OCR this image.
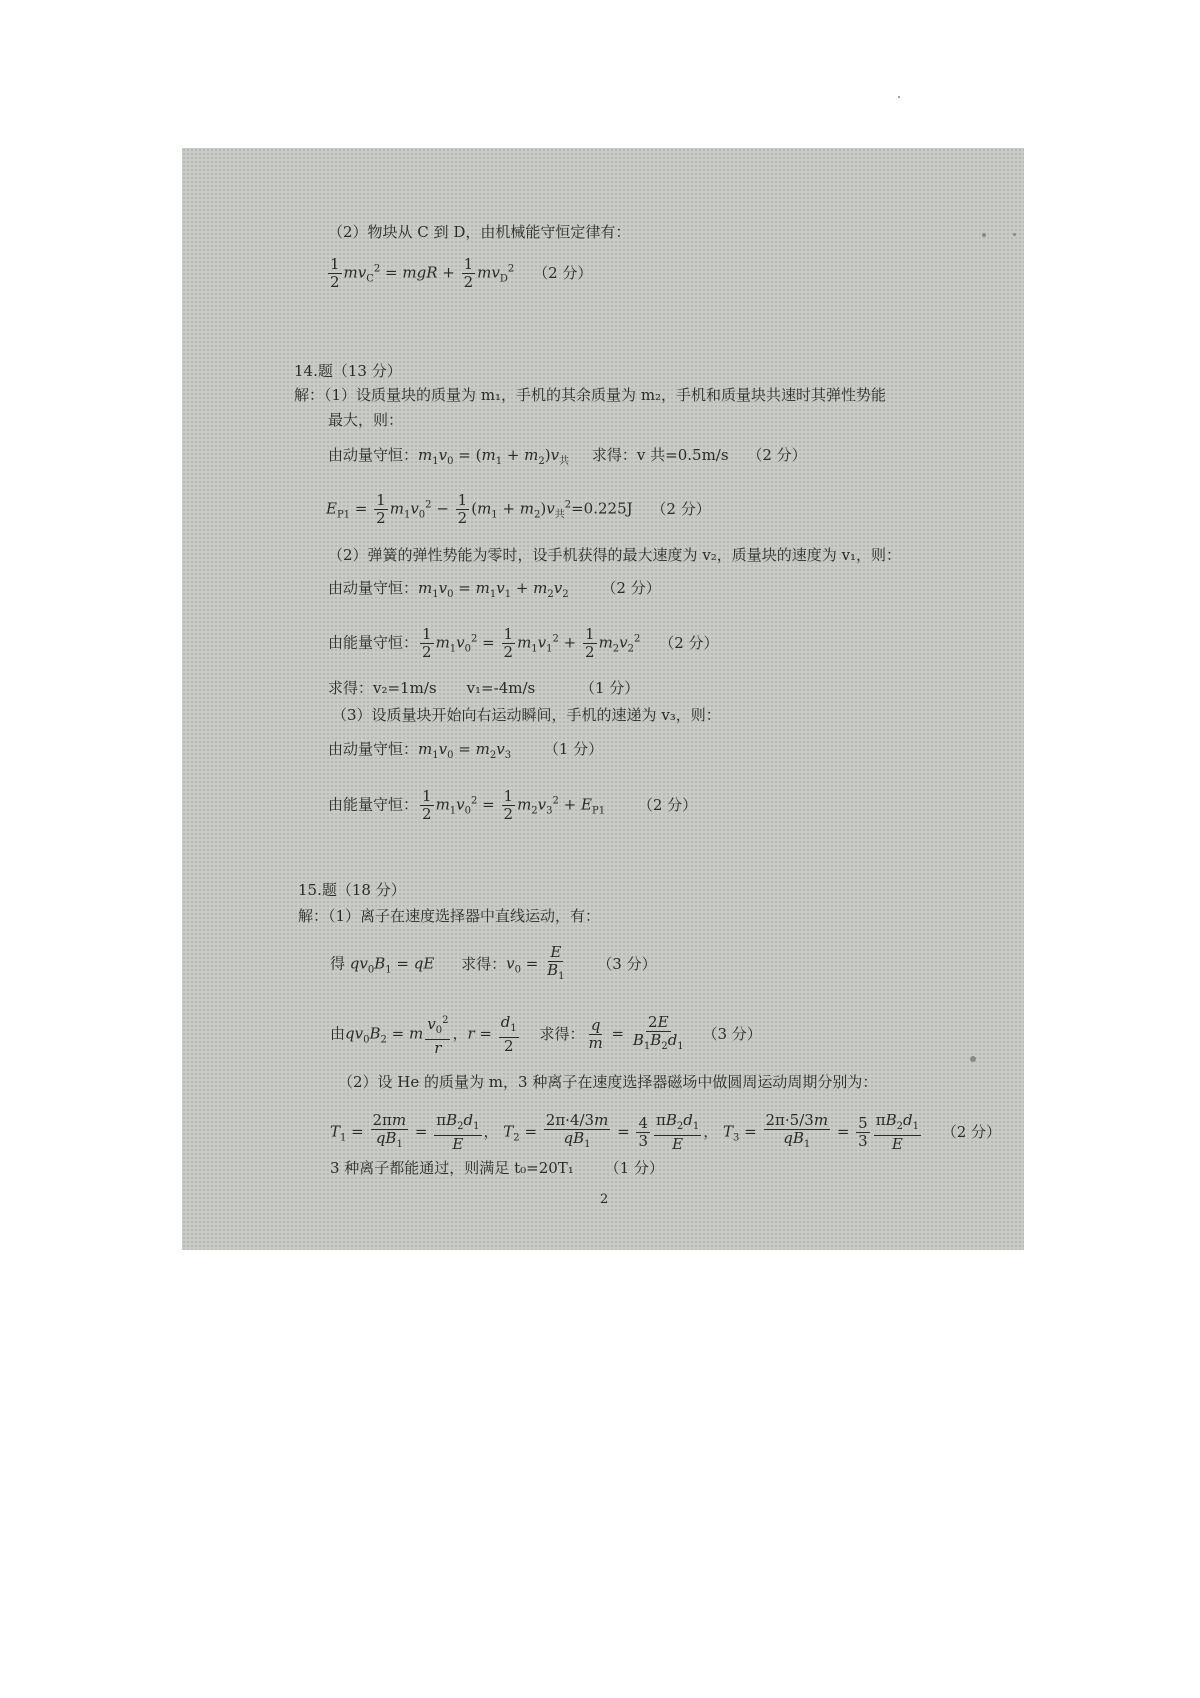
（2）物块从 C 到 D，由机械能守恒定律有：
$\frac{1}{2} mv_C^2$ = mgR + $\frac{1}{2} mv_D^2$ （2 分）
14.题（13 分）
解：（1）设质量块的质量为 m₁，手机的其余质量为 m₂，手机和质量块共速时其弹性势能
最大，则：
由动量守恒：$m_1v_0 = (m_1 + m_2)v_共$ 求得：v 共=0.5m/s （2 分）
$E_{P1} = \frac{1}{2} m_1v_0^2 - \frac{1}{2} (m_1 + m_2)v_共^2=0.225J$ （2 分）
（2）弹簧的弹性势能为零时，设手机获得的最大速度为 v₂，质量块的速度为 v₁，则：
由动量守恒：$m_1v_0 = m_1v_1 + m_2v_2$ （2 分）
由能量守恒： $\frac{1}{2} m_1v_0^2 = \frac{1}{2} m_1v_1^2 + \frac{1}{2} m_2v_2^2$ （2 分）
求得：v₂=1m/s　　v₁=-4m/s	（1 分）
（3）设质量块开始向右运动瞬间，手机的速递为 v₃，则：
由动量守恒：$m_1v_0 = m_2v_3$ （1 分）
由能量守恒： $\frac{1}{2} m_1v_0^2 = \frac{1}{2} m_2v_3^2 + E_{P1}$ （2 分）
15.题（18 分）
解：（1）离子在速度选择器中直线运动，有：
得 $qv_0B_1$ = qE 求得：$v_0 = \frac{E}{B_1} (3$ 分）
由$qv_0B_2 = m \frac{v_0^2}{r}$ ，$r = \frac{d_1}{2}$ 求得： $\frac{q}{m} = \frac{2E}{B_1B_2d_1} (3$ 分）
（2）设 He 的质量为 m，3 种离子在速度选择器磁场中做圆周运动周期分别为：
$T_1 = \frac{2\pi m}{qB_1} = \frac{\pi B_2d_1}{E}$ ， $T_2 = \frac{2\pi\cdot 4/3m}{qB_1} = \frac{4}{3} \frac{\pi B_2d_1}{E}$ ， $T_3 = \frac{2\pi\cdot 5/3m}{qB_1} = \frac{5}{3} \frac{\pi B_2d_1}{E} (2$ 分）
3 种离子都能通过，则满足 t₀=20T₁ （1 分）
2
